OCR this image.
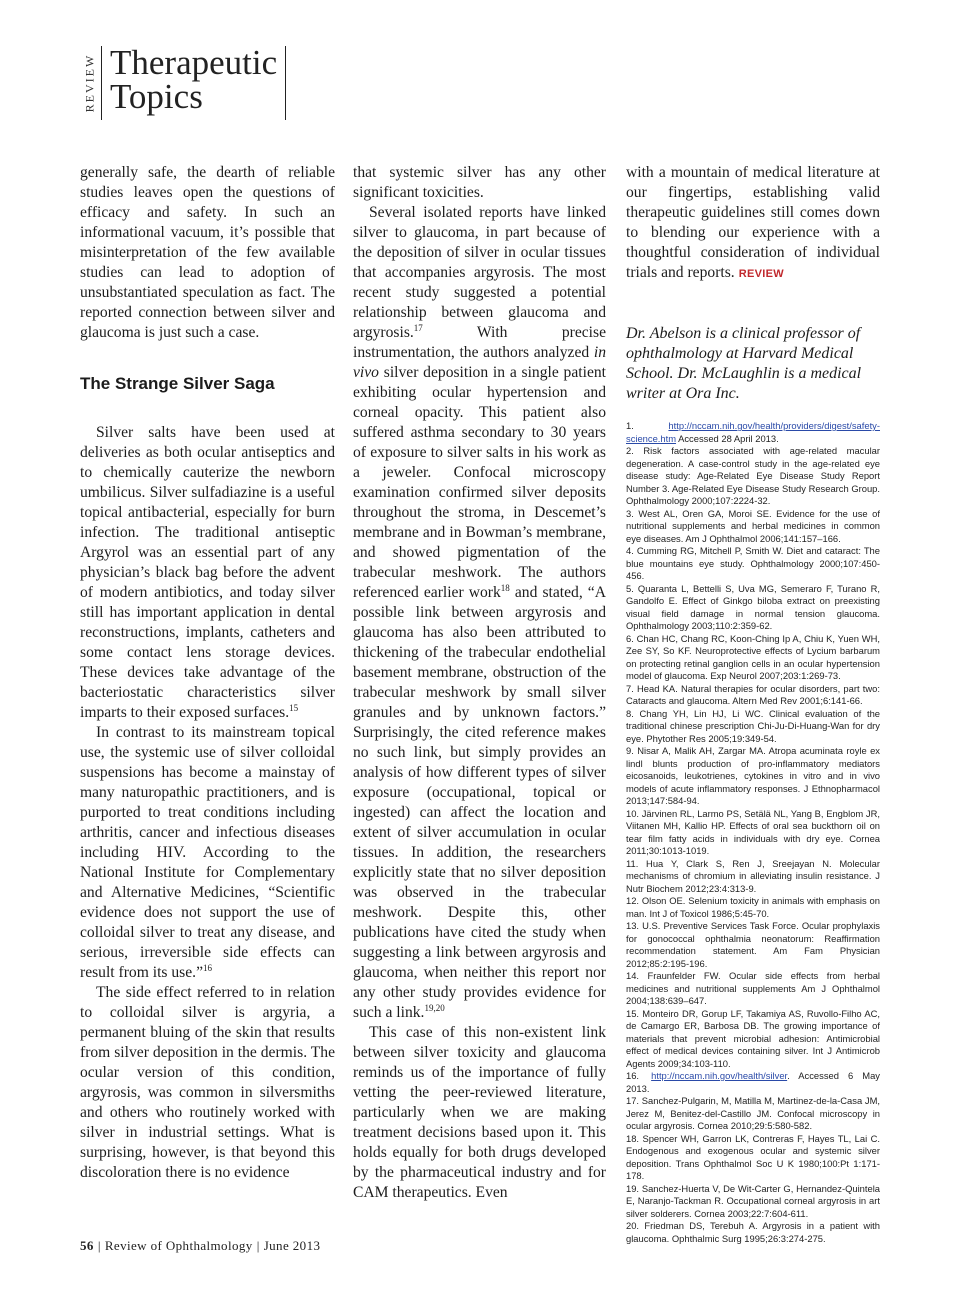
REVIEW Therapeutic
Topics

generally safe, the dearth of reliable studies leaves open the questions of efficacy and safety. In such an informational vacuum, it’s possible that misinterpretation of the few available studies can lead to adoption of unsubstantiated speculation as fact. The reported connection between silver and glaucoma is just such a case.

The Strange Silver Saga

Silver salts have been used at deliveries as both ocular antiseptics and to chemically cauterize the newborn umbilicus. Silver sulfadiazine is a useful topical antibacterial, especially for burn infection. The traditional antiseptic Argyrol was an essential part of any physician’s black bag before the advent of modern antibiotics, and today silver still has important application in dental reconstructions, implants, catheters and some contact lens storage devices. These devices take advantage of the bacteriostatic characteristics silver imparts to their exposed surfaces.$^{15}$

In contrast to its mainstream topical use, the systemic use of silver colloidal suspensions has become a mainstay of many naturopathic practitioners, and is purported to treat conditions including arthritis, cancer and infectious diseases including HIV. According to the National Institute for Complementary and Alternative Medicines, “Scientific evidence does not support the use of colloidal silver to treat any disease, and serious, irreversible side effects can result from its use.”$^{16}$

The side effect referred to in relation to colloidal silver is argyria, a permanent bluing of the skin that results from silver deposition in the dermis. The ocular version of this condition, argyrosis, was common in silversmiths and others who routinely worked with silver in industrial settings. What is surprising, however, is that beyond this discoloration there is no evidence

that systemic silver has any other significant toxicities.

Several isolated reports have linked silver to glaucoma, in part because of the deposition of silver in ocular tissues that accompanies argyrosis. The most recent study suggested a potential relationship between glaucoma and argyrosis.$^{17}$ With precise instrumentation, the authors analyzed in vivo silver deposition in a single patient exhibiting ocular hypertension and corneal opacity. This patient also suffered asthma secondary to 30 years of exposure to silver salts in his work as a jeweler. Confocal microscopy examination confirmed silver deposits throughout the stroma, in Descemet’s membrane and in Bowman’s membrane, and showed pigmentation of the trabecular meshwork. The authors referenced earlier work$^{18}$ and stated, “A possible link between argyrosis and glaucoma has also been attributed to thickening of the trabecular endothelial basement membrane, obstruction of the trabecular meshwork by small silver granules and by unknown factors.” Surprisingly, the cited reference makes no such link, but simply provides an analysis of how different types of silver exposure (occupational, topical or ingested) can affect the location and extent of silver accumulation in ocular tissues. In addition, the researchers explicitly state that no silver deposition was observed in the trabecular meshwork. Despite this, other publications have cited the study when suggesting a link between argyrosis and glaucoma, when neither this report nor any other study provides evidence for such a link.$^{19,20}$

This case of this non-existent link between silver toxicity and glaucoma reminds us of the importance of fully vetting the peer-reviewed literature, particularly when we are making treatment decisions based upon it. This holds equally for both drugs developed by the pharmaceutical industry and for CAM therapeutics. Even

with a mountain of medical literature at our fingertips, establishing valid therapeutic guidelines still comes down to blending our experience with a thoughtful consideration of individual trials and reports. REVIEW

Dr. Abelson is a clinical professor of ophthalmology at Harvard Medical School. Dr. McLaughlin is a medical writer at Ora Inc.

1.	http://nccam.nih.gov/health/providers/digest/safety-science.htm Accessed 28 April 2013.

2. Risk factors associated with age-related macular degeneration. A case-control study in the age-related eye disease study: Age-Related Eye Disease Study Report Number 3. Age-Related Eye Disease Study Research Group. Ophthalmology 2000;107:2224-32.

3. West AL, Oren GA, Moroi SE. Evidence for the use of nutritional supplements and herbal medicines in common eye diseases. Am J Ophthalmol 2006;141:157–166.

4. Cumming RG, Mitchell P, Smith W. Diet and cataract: The blue mountains eye study. Ophthalmology 2000;107:450-456.

5. Quaranta L, Bettelli S, Uva MG, Semeraro F, Turano R, Gandolfo E. Effect of Ginkgo biloba extract on preexisting visual field damage in normal tension glaucoma. Ophthalmology 2003;110:2:359-62.

6. Chan HC, Chang RC, Koon-Ching Ip A, Chiu K, Yuen WH, Zee SY, So KF. Neuroprotective effects of Lycium barbarum on protecting retinal ganglion cells in an ocular hypertension model of glaucoma. Exp Neurol 2007;203:1:269-73.

7. Head KA. Natural therapies for ocular disorders, part two: Cataracts and glaucoma. Altern Med Rev 2001;6:141-66.

8. Chang YH, Lin HJ, Li WC. Clinical evaluation of the traditional chinese prescription Chi-Ju-Di-Huang-Wan for dry eye. Phytother Res 2005;19:349-54.

9. Nisar A, Malik AH, Zargar MA. Atropa acuminata royle ex lindl blunts production of pro-inflammatory mediators eicosanoids, leukotrienes, cytokines in vitro and in vivo models of acute inflammatory responses. J Ethnopharmacol 2013;147:584-94.

10. Järvinen RL, Larmo PS, Setälä NL, Yang B, Engblom JR, Viitanen MH, Kallio HP. Effects of oral sea buckthorn oil on tear film fatty acids in individuals with dry eye. Cornea 2011;30:1013-1019.

11. Hua Y, Clark S, Ren J, Sreejayan N. Molecular mechanisms of chromium in alleviating insulin resistance. J Nutr Biochem 2012;23:4:313-9.

12. Olson OE. Selenium toxicity in animals with emphasis on man. Int J of Toxicol 1986;5:45-70.

13. U.S. Preventive Services Task Force. Ocular prophylaxis for gonococcal ophthalmia neonatorum: Reaffirmation recommendation statement. Am Fam Physician 2012;85:2:195-196.

14. Fraunfelder FW. Ocular side effects from herbal medicines and nutritional supplements Am J Ophthalmol 2004;138:639–647.

15. Monteiro DR, Gorup LF, Takamiya AS, Ruvollo-Filho AC, de Camargo ER, Barbosa DB. The growing importance of materials that prevent microbial adhesion: Antimicrobial effect of medical devices containing silver. Int J Antimicrob Agents 2009;34:103-110.

16. http://nccam.nih.gov/health/silver. Accessed 6 May 2013.

17. Sanchez-Pulgarin, M, Matilla M, Martinez-de-la-Casa JM, Jerez M, Benitez-del-Castillo JM. Confocal microscopy in ocular argyrosis. Cornea 2010;29:5:580-582.

18. Spencer WH, Garron LK, Contreras F, Hayes TL, Lai C. Endogenous and exogenous ocular and systemic silver deposition. Trans Ophthalmol Soc U K 1980;100:Pt 1:171-178.

19. Sanchez-Huerta V, De Wit-Carter G, Hernandez-Quintela E, Naranjo-Tackman R. Occupational corneal argyrosis in art silver solderers. Cornea 2003;22:7:604-611.

20. Friedman DS, Terebuh A. Argyrosis in a patient with glaucoma. Ophthalmic Surg 1995;26:3:274-275.

56 | Review of Ophthalmology | June 2013
